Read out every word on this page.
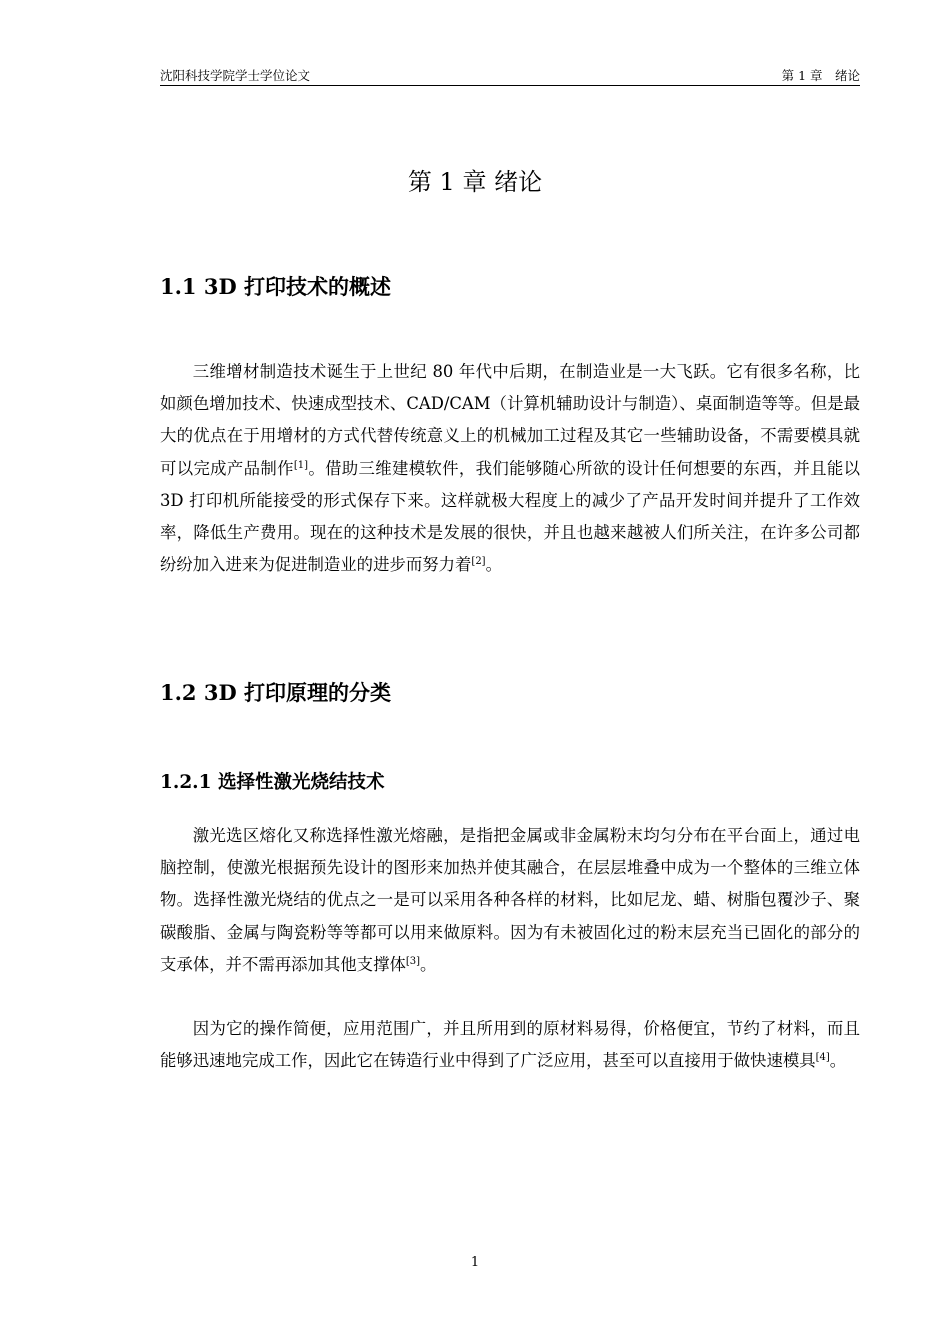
沈阳科技学院学士学位论文	第 1 章　绪论
第 1 章 绪论
1.1 3D 打印技术的概述

三维增材制造技术诞生于上世纪 80 年代中后期，在制造业是一大飞跃。它有很多名称，比如颜色增加技术、快速成型技术、CAD/CAM（计算机辅助设计与制造）、桌面制造等等。但是最大的优点在于用增材的方式代替传统意义上的机械加工过程及其它一些辅助设备，不需要模具就可以完成产品制作[1]。借助三维建模软件，我们能够随心所欲的设计任何想要的东西，并且能以 3D 打印机所能接受的形式保存下来。这样就极大程度上的减少了产品开发时间并提升了工作效率，降低生产费用。现在的这种技术是发展的很快，并且也越来越被人们所关注，在许多公司都纷纷加入进来为促进制造业的进步而努力着[2]。

1.2 3D 打印原理的分类
1.2.1 选择性激光烧结技术

激光选区熔化又称选择性激光熔融，是指把金属或非金属粉末均匀分布在平台面上，通过电脑控制，使激光根据预先设计的图形来加热并使其融合，在层层堆叠中成为一个整体的三维立体物。选择性激光烧结的优点之一是可以采用各种各样的材料，比如尼龙、蜡、树脂包覆沙子、聚碳酸脂、金属与陶瓷粉等等都可以用来做原料。因为有未被固化过的粉末层充当已固化的部分的支承体，并不需再添加其他支撑体[3]。

因为它的操作简便，应用范围广，并且所用到的原材料易得，价格便宜，节约了材料，而且能够迅速地完成工作，因此它在铸造行业中得到了广泛应用，甚至可以直接用于做快速模具[4]。

1
